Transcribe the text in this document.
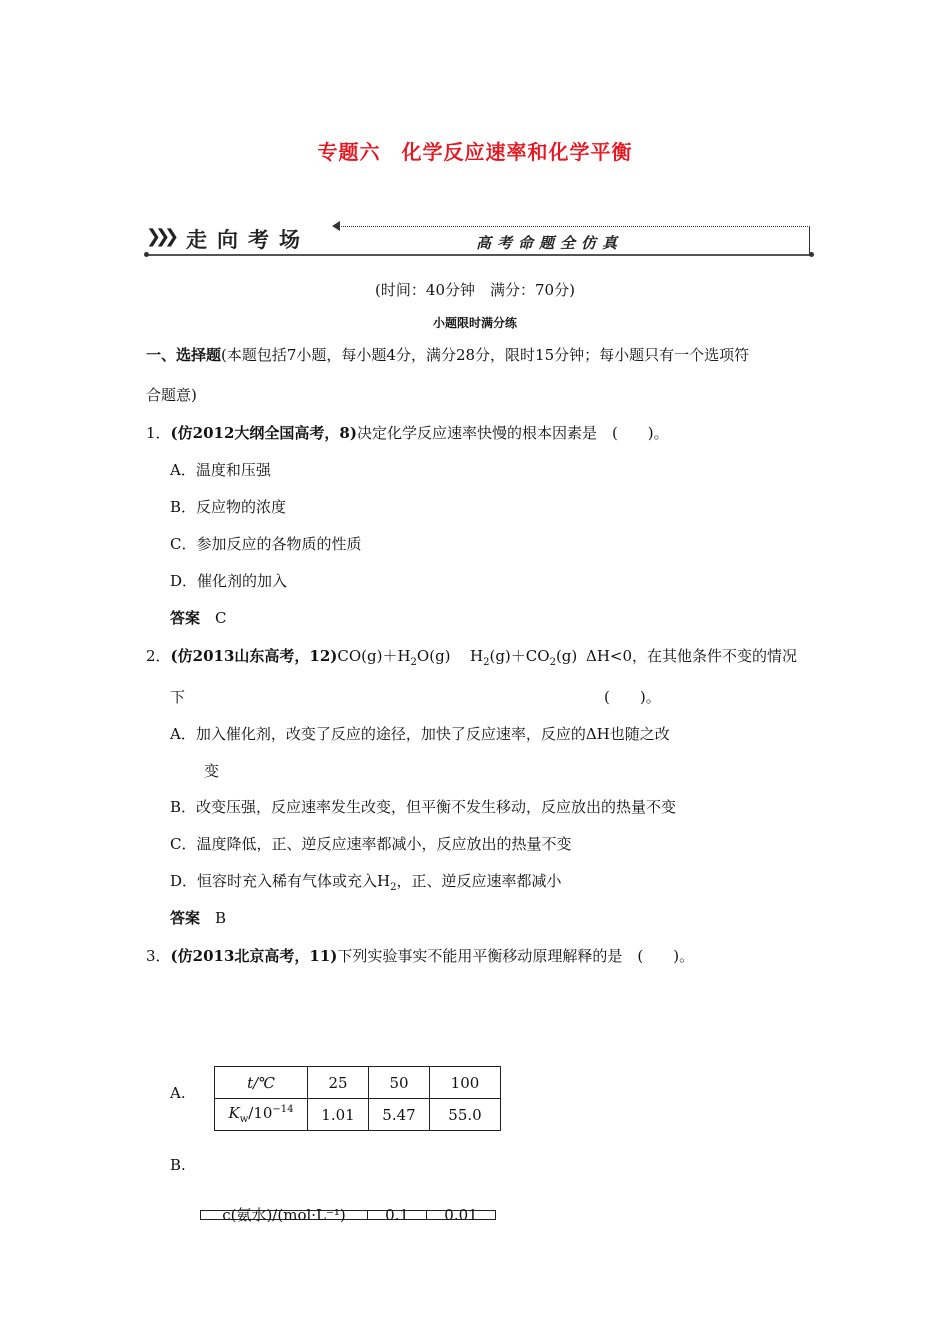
专题六　化学反应速率和化学平衡
❯❯❯ 走向考场	高考命题全仿真
(时间：40分钟　满分：70分)
小题限时满分练
一、选择题(本题包括7小题，每小题4分，满分28分，限时15分钟；每小题只有一个选项符
合题意)
1．(仿2012大纲全国高考，8)决定化学反应速率快慢的根本因素是　(　　)。
A．温度和压强
B．反应物的浓度
C．参加反应的各物质的性质
D．催化剂的加入
答案　 C
2．(仿2013山东高考，$12)CO(g)+H_2O(g)$ $H_2(g)+CO_2(g)$ ΔH<0，在其他条件不变的情况
下	(　　)。
A．加入催化剂，改变了反应的途径，加快了反应速率，反应的ΔH也随之改
变
B．改变压强，反应速率发生改变，但平衡不发生移动，反应放出的热量不变
C．温度降低，正、逆反应速率都减小，反应放出的热量不变
D．恒容时充入稀有气体或充入$H_2$，正、逆反应速率都减小
答案　 B
3．(仿2013北京高考，11)下列实验事实不能用平衡移动原理解释的是　(　　)。
A.
t/℃	25	50	100
$K_w/10^{-14}$	1.01	5.47	55.0
B.
c(氨水)/(mol·L⁻¹)	0.1	0.01
